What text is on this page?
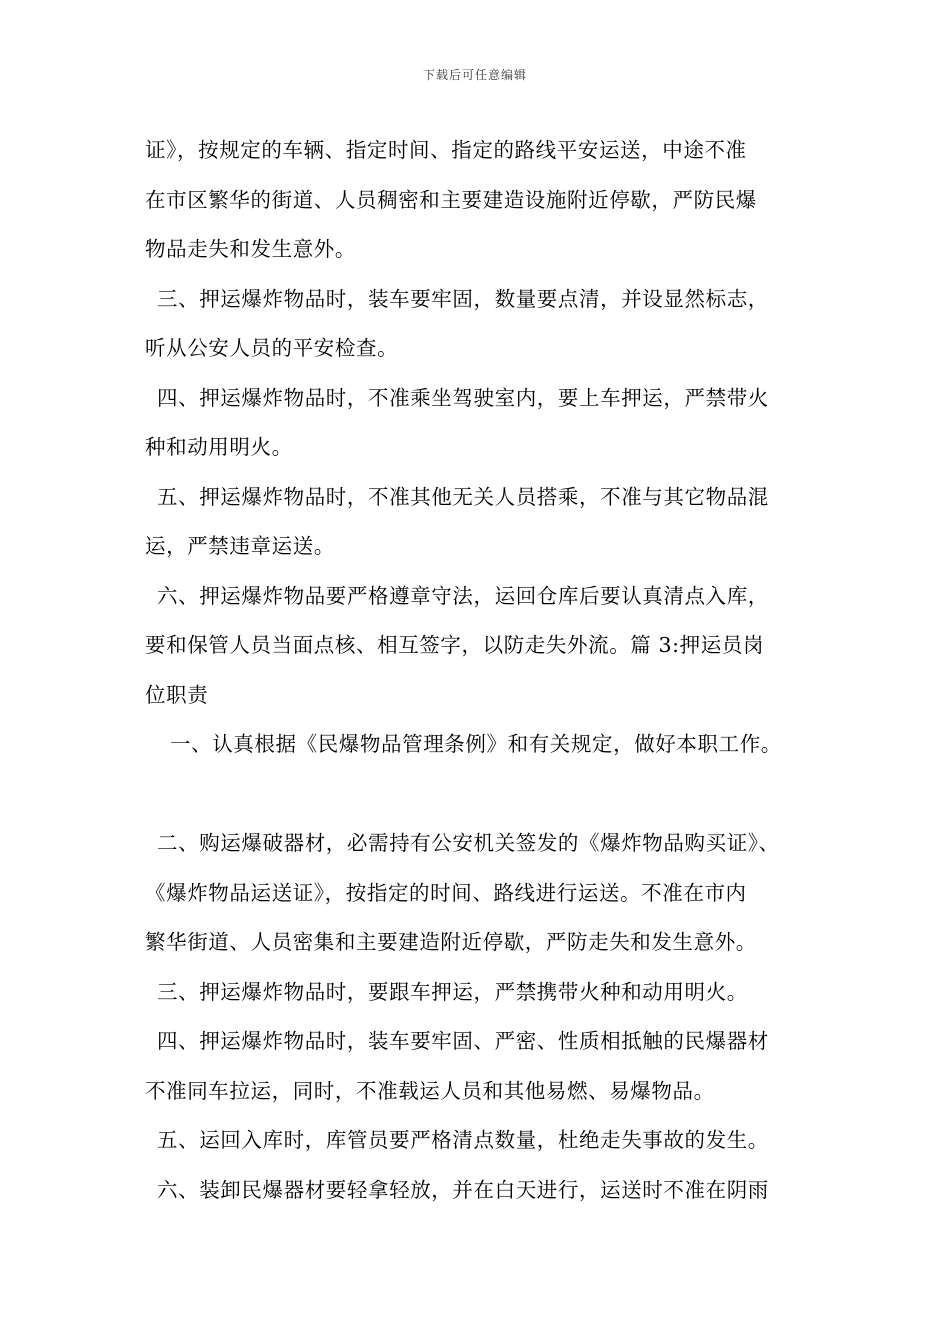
下载后可任意编辑
证》，按规定的车辆、指定时间、指定的路线平安运送，中途不准
在市区繁华的街道、人员稠密和主要建造设施附近停歇，严防民爆
物品走失和发生意外。
三、押运爆炸物品时，装车要牢固，数量要点清，并设显然标志，
听从公安人员的平安检查。
四、押运爆炸物品时，不准乘坐驾驶室内，要上车押运，严禁带火
种和动用明火。
五、押运爆炸物品时，不准其他无关人员搭乘，不准与其它物品混
运，严禁违章运送。
六、押运爆炸物品要严格遵章守法，运回仓库后要认真清点入库，
要和保管人员当面点核、相互签字，以防走失外流。篇 3:押运员岗
位职责
一、认真根据《民爆物品管理条例》和有关规定，做好本职工作。
二、购运爆破器材，必需持有公安机关签发的《爆炸物品购买证》、
《爆炸物品运送证》，按指定的时间、路线进行运送。不准在市内
繁华街道、人员密集和主要建造附近停歇，严防走失和发生意外。
三、押运爆炸物品时，要跟车押运，严禁携带火种和动用明火。
四、押运爆炸物品时，装车要牢固、严密、性质相抵触的民爆器材
不准同车拉运，同时，不准载运人员和其他易燃、易爆物品。
五、运回入库时，库管员要严格清点数量，杜绝走失事故的发生。
六、装卸民爆器材要轻拿轻放，并在白天进行，运送时不准在阴雨
